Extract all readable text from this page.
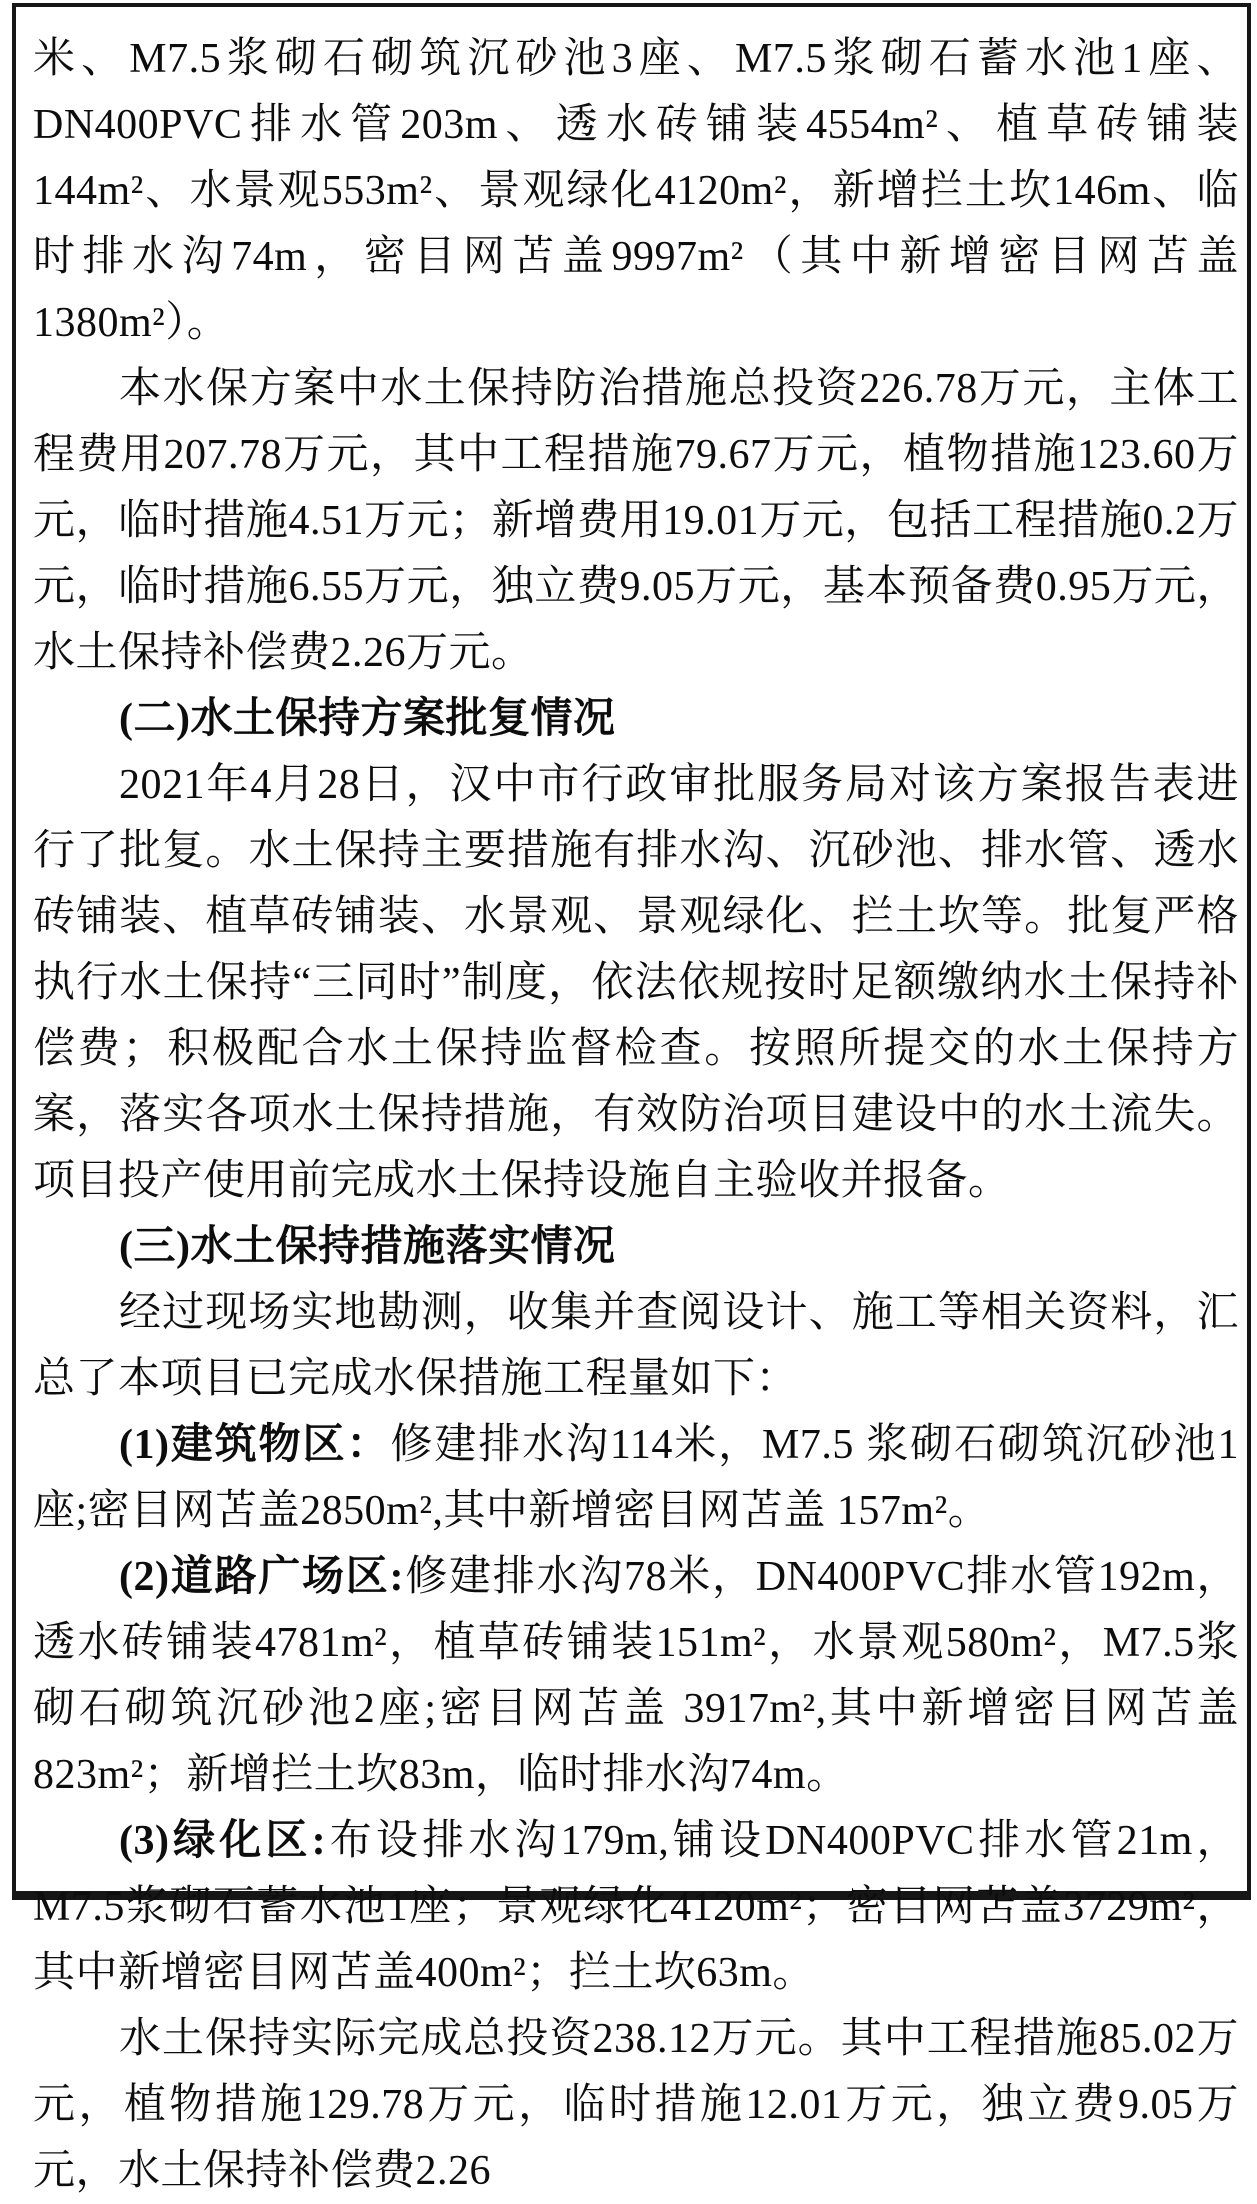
米、M7.5浆砌石砌筑沉砂池3座、M7.5浆砌石蓄水池1座、DN400PVC排水管203m、透水砖铺装4554m²、植草砖铺装144m²、水景观553m²、景观绿化4120m²，新增拦土坎146m、临时排水沟74m，密目网苫盖9997m²（其中新增密目网苫盖1380m²）。

本水保方案中水土保持防治措施总投资226.78万元，主体工程费用207.78万元，其中工程措施79.67万元，植物措施123.60万元，临时措施4.51万元；新增费用19.01万元，包括工程措施0.2万元，临时措施6.55万元，独立费9.05万元，基本预备费0.95万元，水土保持补偿费2.26万元。

(二)水土保持方案批复情况

2021年4月28日，汉中市行政审批服务局对该方案报告表进行了批复。水土保持主要措施有排水沟、沉砂池、排水管、透水砖铺装、植草砖铺装、水景观、景观绿化、拦土坎等。批复严格执行水土保持“三同时”制度，依法依规按时足额缴纳水土保持补偿费；积极配合水土保持监督检查。按照所提交的水土保持方案，落实各项水土保持措施，有效防治项目建设中的水土流失。项目投产使用前完成水土保持设施自主验收并报备。

(三)水土保持措施落实情况

经过现场实地勘测，收集并查阅设计、施工等相关资料，汇总了本项目已完成水保措施工程量如下：

(1)建筑物区：修建排水沟114米，M7.5 浆砌石砌筑沉砂池1座;密目网苫盖2850m²,其中新增密目网苫盖 157m²。

(2)道路广场区:修建排水沟78米，DN400PVC排水管192m，透水砖铺装4781m²，植草砖铺装151m²，水景观580m²，M7.5浆砌石砌筑沉砂池2座;密目网苫盖 3917m²,其中新增密目网苫盖823m²；新增拦土坎83m，临时排水沟74m。

(3)绿化区:布设排水沟179m,铺设DN400PVC排水管21m，M7.5浆砌石蓄水池1座；景观绿化4120m²；密目网苫盖3729m²，其中新增密目网苫盖400m²；拦土坎63m。

水土保持实际完成总投资238.12万元。其中工程措施85.02万元，植物措施129.78万元，临时措施12.01万元，独立费9.05万元，水土保持补偿费2.26
